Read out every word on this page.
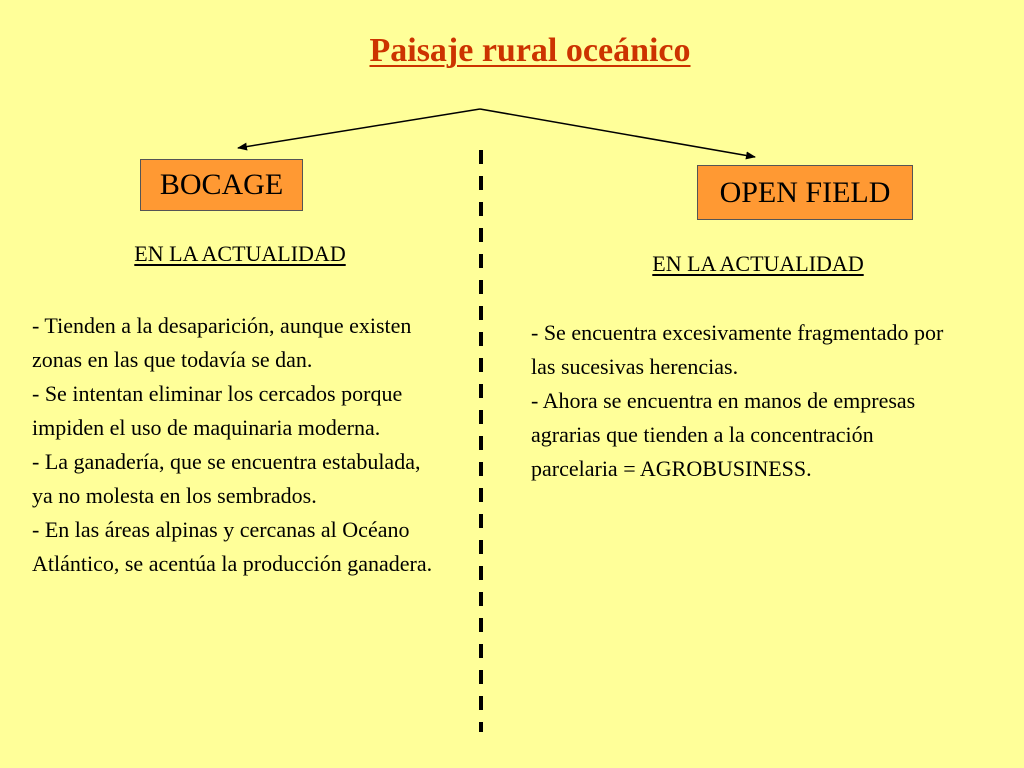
Paisaje rural oceánico
BOCAGE	OPEN FIELD
EN LA ACTUALIDAD	EN LA ACTUALIDAD
- Tienden a la desaparición, aunque existen zonas en las que todavía se dan.
- Se intentan eliminar los cercados porque impiden el uso de maquinaria moderna.
- La ganadería, que se encuentra estabulada, ya no molesta en los sembrados.
- En las áreas alpinas y cercanas al Océano Atlántico, se acentúa la producción ganadera.
- Se encuentra excesivamente fragmentado por las sucesivas herencias.
- Ahora se encuentra en manos de empresas agrarias que tienden a la concentración parcelaria = AGROBUSINESS.
